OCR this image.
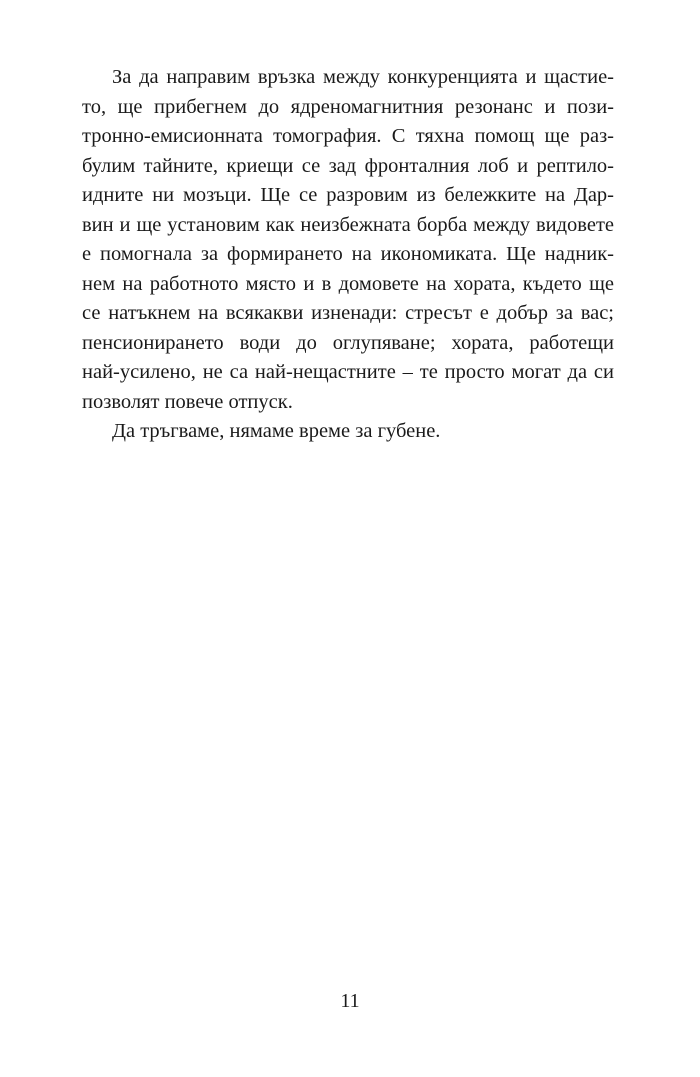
За да направим връзка между конкуренцията и щастие-
то, ще прибегнем до ядреномагнитния резонанс и пози-
тронно-емисионната томография. С тяхна помощ ще раз-
булим тайните, криещи се зад фронталния лоб и рептило-
идните ни мозъци. Ще се разровим из бележките на Дар-
вин и ще установим как неизбежната борба между видовете
е помогнала за формирането на икономиката. Ще надник-
нем на работното място и в домовете на хората, където ще
се натъкнем на всякакви изненади: стресът е добър за вас;
пенсионирането води до оглупяване; хората, работещи
най-усилено, не са най-нещастните – те просто могат да си
позволят повече отпуск.
Да тръгваме, нямаме време за губене.
11
